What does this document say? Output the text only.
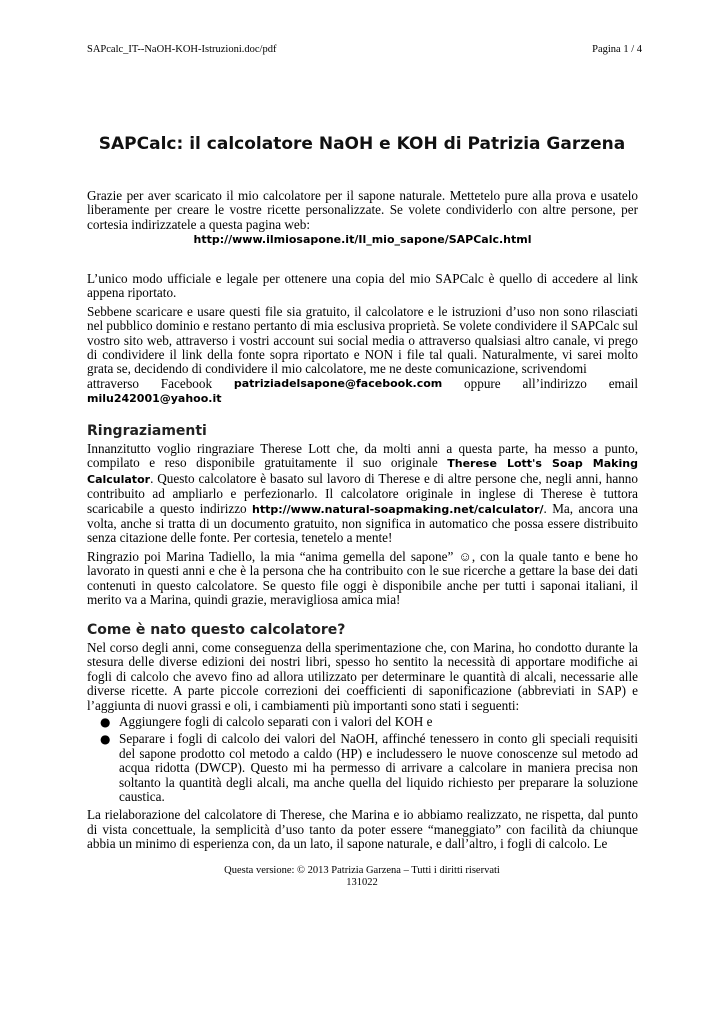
SAPcalc_IT--NaOH-KOH-Istruzioni.doc/pdf	Pagina 1 / 4
SAPCalc: il calcolatore NaOH e KOH di Patrizia Garzena

Grazie per aver scaricato il mio calcolatore per il sapone naturale. Mettetelo pure alla prova e usatelo liberamente per creare le vostre ricette personalizzate. Se volete condividerlo con altre persone, per cortesia indirizzatele a questa pagina web:

http://www.ilmiosapone.it/Il_mio_sapone/SAPCalc.html

L’unico modo ufficiale e legale per ottenere una copia del mio SAPCalc è quello di accedere al link appena riportato.

Sebbene scaricare e usare questi file sia gratuito, il calcolatore e le istruzioni d’uso non sono rilasciati nel pubblico dominio e restano pertanto di mia esclusiva proprietà. Se volete condividere il SAPCalc sul vostro sito web, attraverso i vostri account sui social media o attraverso qualsiasi altro canale, vi prego di condividere il link della fonte sopra riportato e NON i file tal quali. Naturalmente, vi sarei molto grata se, decidendo di condividere il mio calcolatore, me ne deste comunicazione, scrivendomi

attraverso Facebook patriziadelsapone@facebook.com oppure all’indirizzo email

milu242001@yahoo.it

Ringraziamenti

Innanzitutto voglio ringraziare Therese Lott che, da molti anni a questa parte, ha messo a punto, compilato e reso disponibile gratuitamente il suo originale Therese Lott's Soap Making Calculator. Questo calcolatore è basato sul lavoro di Therese e di altre persone che, negli anni, hanno contribuito ad ampliarlo e perfezionarlo. Il calcolatore originale in inglese di Therese è tuttora scaricabile a questo indirizzo http://www.natural-soapmaking.net/calculator/. Ma, ancora una volta, anche si tratta di un documento gratuito, non significa in automatico che possa essere distribuito senza citazione delle fonte. Per cortesia, tenetelo a mente!

Ringrazio poi Marina Tadiello, la mia “anima gemella del sapone” ☺, con la quale tanto e bene ho lavorato in questi anni e che è la persona che ha contribuito con le sue ricerche a gettare la base dei dati contenuti in questo calcolatore. Se questo file oggi è disponibile anche per tutti i saponai italiani, il merito va a Marina, quindi grazie, meravigliosa amica mia!

Come è nato questo calcolatore?

Nel corso degli anni, come conseguenza della sperimentazione che, con Marina, ho condotto durante la stesura delle diverse edizioni dei nostri libri, spesso ho sentito la necessità di apportare modifiche ai fogli di calcolo che avevo fino ad allora utilizzato per determinare le quantità di alcali, necessarie alle diverse ricette. A parte piccole correzioni dei coefficienti di saponificazione (abbreviati in SAP) e l’aggiunta di nuovi grassi e oli, i cambiamenti più importanti sono stati i seguenti:

● Aggiungere fogli di calcolo separati con i valori del KOH e
● Separare i fogli di calcolo dei valori del NaOH, affinché tenessero in conto gli speciali requisiti del sapone prodotto col metodo a caldo (HP) e includessero le nuove conoscenze sul metodo ad acqua ridotta (DWCP). Questo mi ha permesso di arrivare a calcolare in maniera precisa non soltanto la quantità degli alcali, ma anche quella del liquido richiesto per preparare la soluzione caustica.

La rielaborazione del calcolatore di Therese, che Marina e io abbiamo realizzato, ne rispetta, dal punto di vista concettuale, la semplicità d’uso tanto da poter essere “maneggiato” con facilità da chiunque abbia un minimo di esperienza con, da un lato, il sapone naturale, e dall’altro, i fogli di calcolo. Le

Questa versione: © 2013 Patrizia Garzena – Tutti i diritti riservati
131022
